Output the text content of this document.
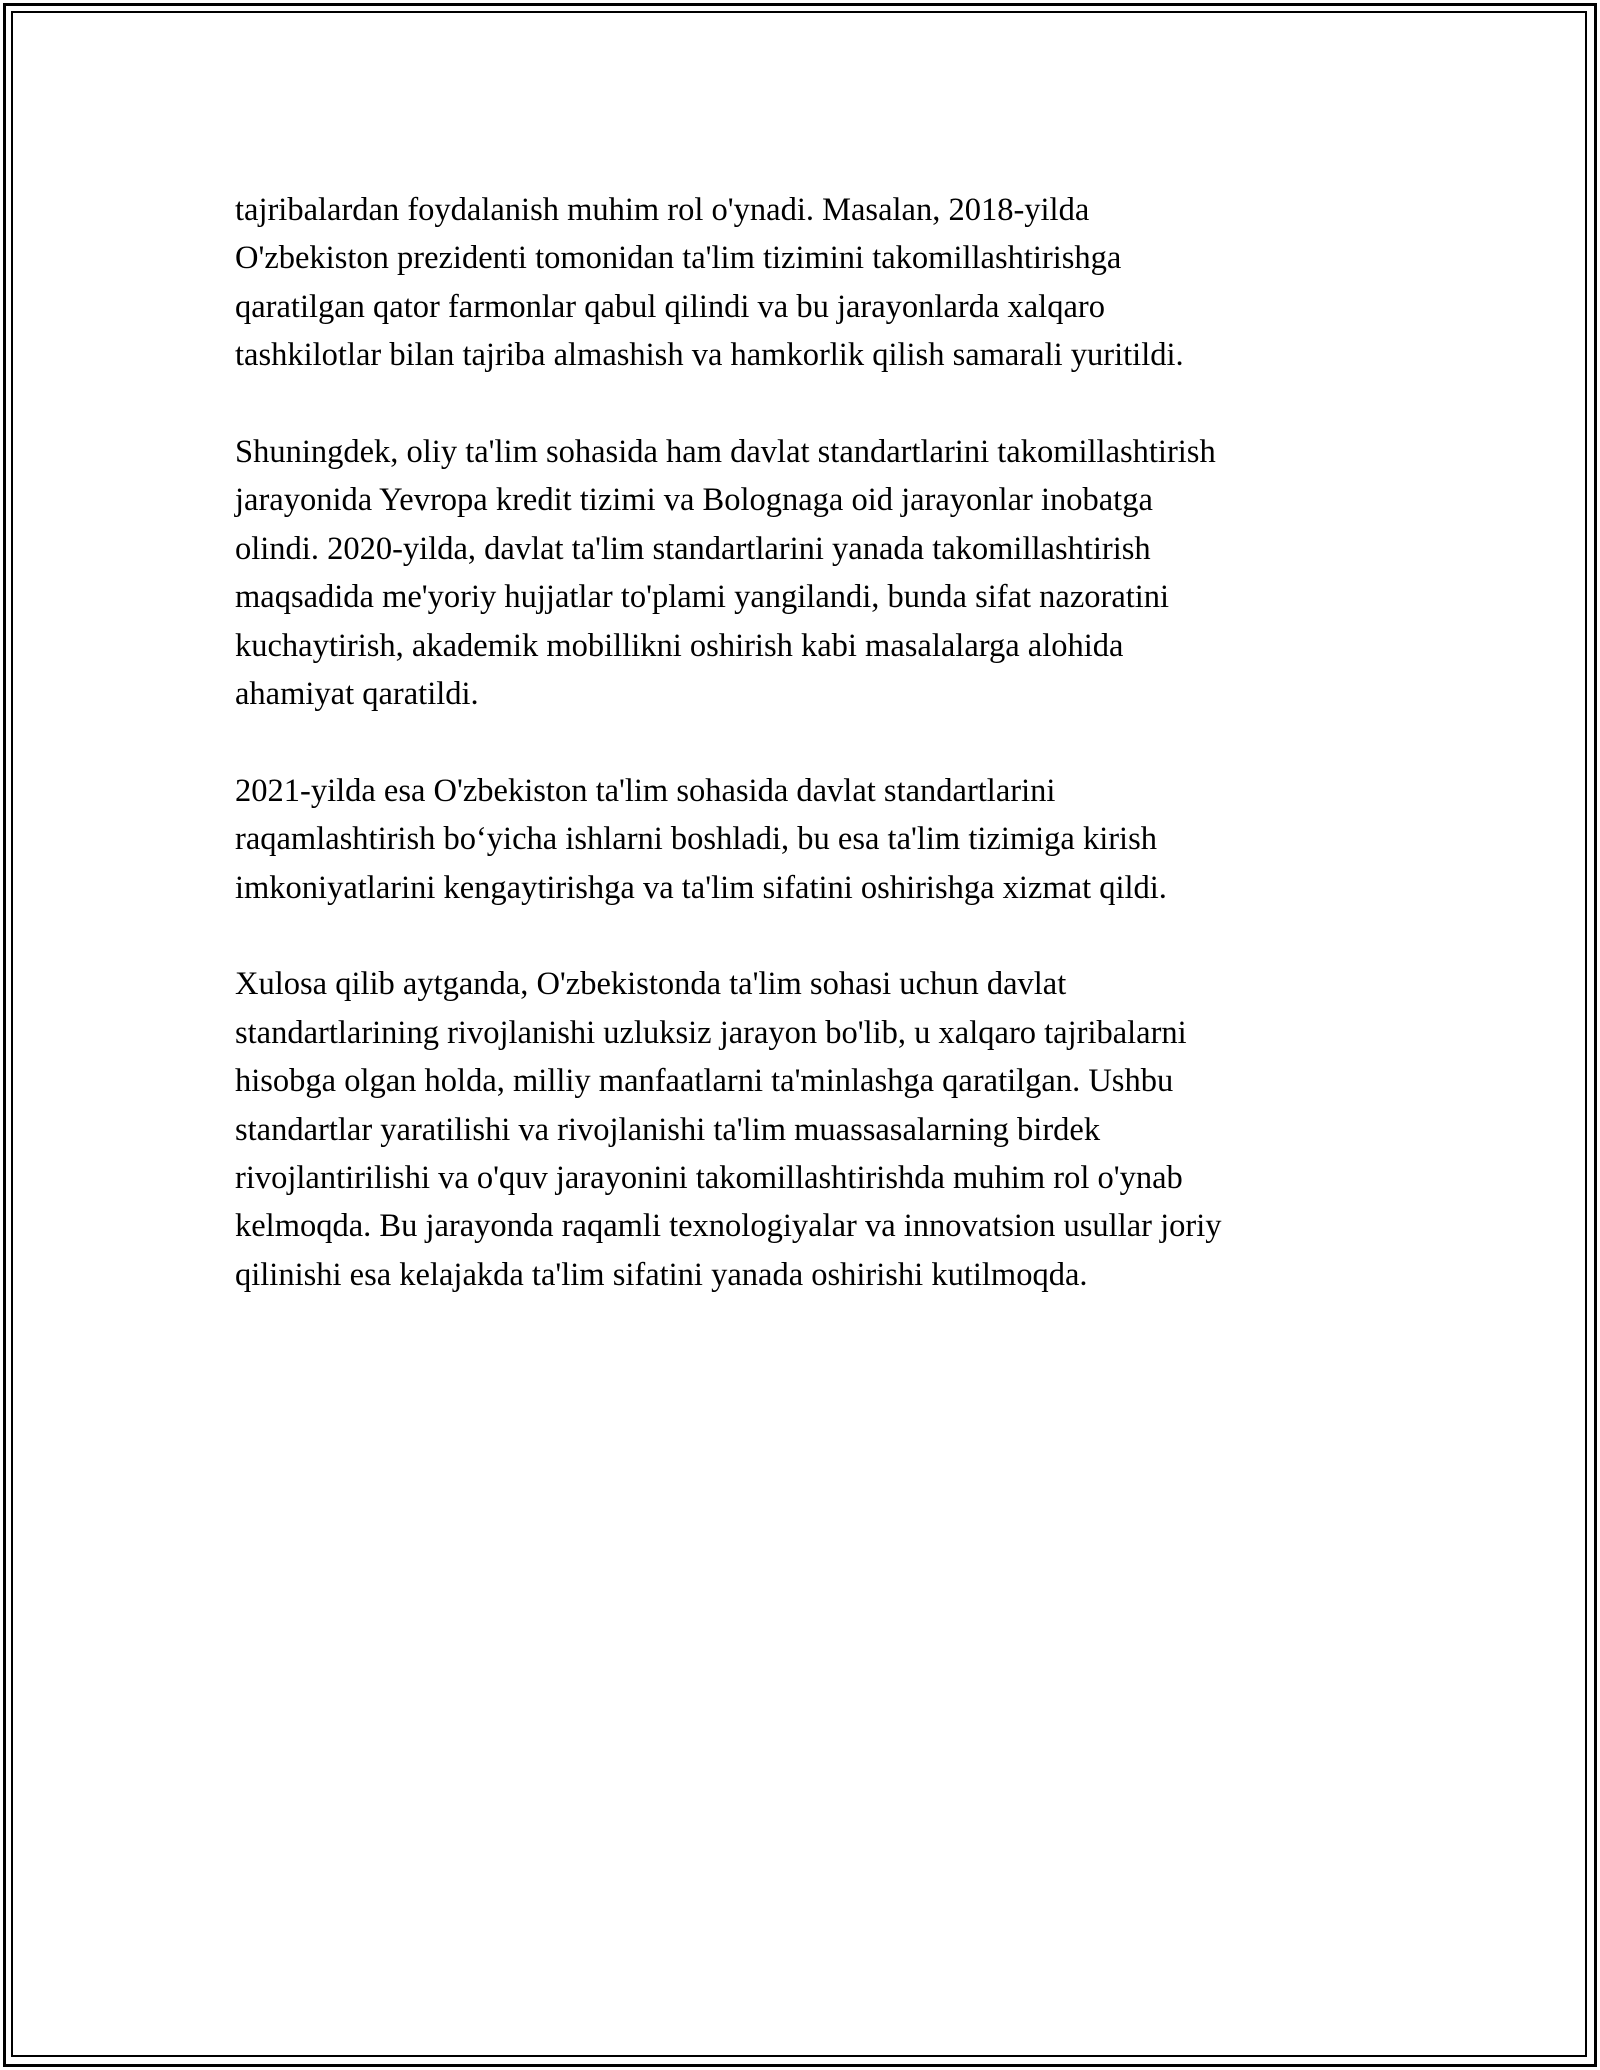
tajribalardan foydalanish muhim rol o'ynadi. Masalan, 2018-yilda
O'zbekiston prezidenti tomonidan ta'lim tizimini takomillashtirishga
qaratilgan qator farmonlar qabul qilindi va bu jarayonlarda xalqaro
tashkilotlar bilan tajriba almashish va hamkorlik qilish samarali yuritildi.

Shuningdek, oliy ta'lim sohasida ham davlat standartlarini takomillashtirish
jarayonida Yevropa kredit tizimi va Bolognaga oid jarayonlar inobatga
olindi. 2020-yilda, davlat ta'lim standartlarini yanada takomillashtirish
maqsadida me'yoriy hujjatlar to'plami yangilandi, bunda sifat nazoratini
kuchaytirish, akademik mobillikni oshirish kabi masalalarga alohida
ahamiyat qaratildi.

2021-yilda esa O'zbekiston ta'lim sohasida davlat standartlarini
raqamlashtirish bo‘yicha ishlarni boshladi, bu esa ta'lim tizimiga kirish
imkoniyatlarini kengaytirishga va ta'lim sifatini oshirishga xizmat qildi.

Xulosa qilib aytganda, O'zbekistonda ta'lim sohasi uchun davlat
standartlarining rivojlanishi uzluksiz jarayon bo'lib, u xalqaro tajribalarni
hisobga olgan holda, milliy manfaatlarni ta'minlashga qaratilgan. Ushbu
standartlar yaratilishi va rivojlanishi ta'lim muassasalarning birdek
rivojlantirilishi va o'quv jarayonini takomillashtirishda muhim rol o'ynab
kelmoqda. Bu jarayonda raqamli texnologiyalar va innovatsion usullar joriy
qilinishi esa kelajakda ta'lim sifatini yanada oshirishi kutilmoqda.
